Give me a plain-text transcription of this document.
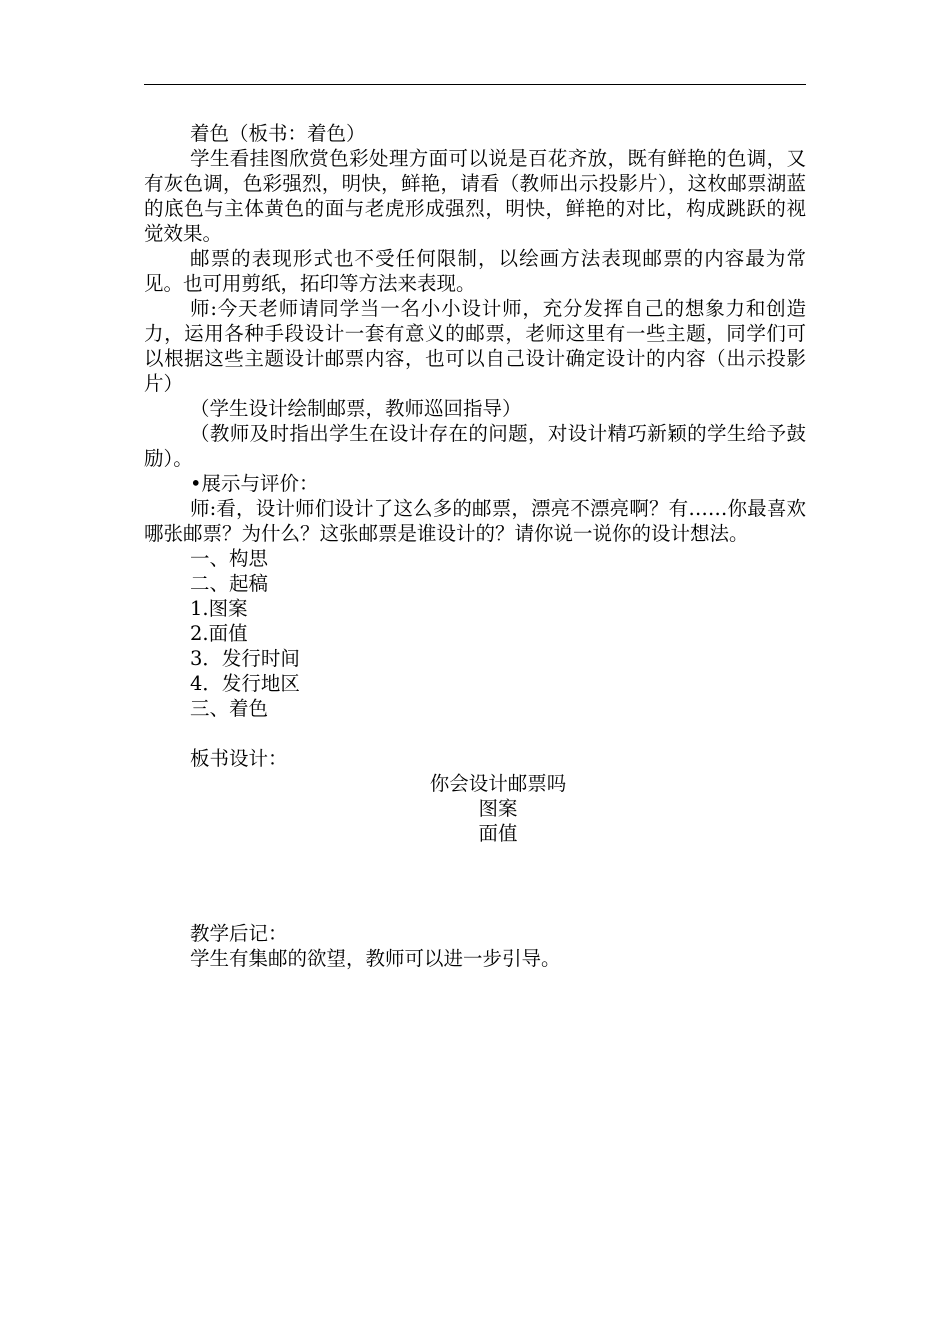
着色（板书：着色）

学生看挂图欣赏色彩处理方面可以说是百花齐放，既有鲜艳的色调，又有灰色调，色彩强烈，明快，鲜艳，请看（教师出示投影片），这枚邮票湖蓝的底色与主体黄色的面与老虎形成强烈，明快，鲜艳的对比，构成跳跃的视觉效果。

邮票的表现形式也不受任何限制，以绘画方法表现邮票的内容最为常见。也可用剪纸，拓印等方法来表现。

师:今天老师请同学当一名小小设计师，充分发挥自己的想象力和创造力，运用各种手段设计一套有意义的邮票，老师这里有一些主题，同学们可以根据这些主题设计邮票内容，也可以自己设计确定设计的内容（出示投影片）

（学生设计绘制邮票，教师巡回指导）

（教师及时指出学生在设计存在的问题，对设计精巧新颖的学生给予鼓励）。

•展示与评价：

师:看，设计师们设计了这么多的邮票，漂亮不漂亮啊？有……你最喜欢哪张邮票？为什么？这张邮票是谁设计的？请你说一说你的设计想法。

一、构思

二、起稿

1.图案

2.面值

3．发行时间

4．发行地区

三、着色

板书设计：

你会设计邮票吗

图案

面值

教学后记：

学生有集邮的欲望，教师可以进一步引导。
